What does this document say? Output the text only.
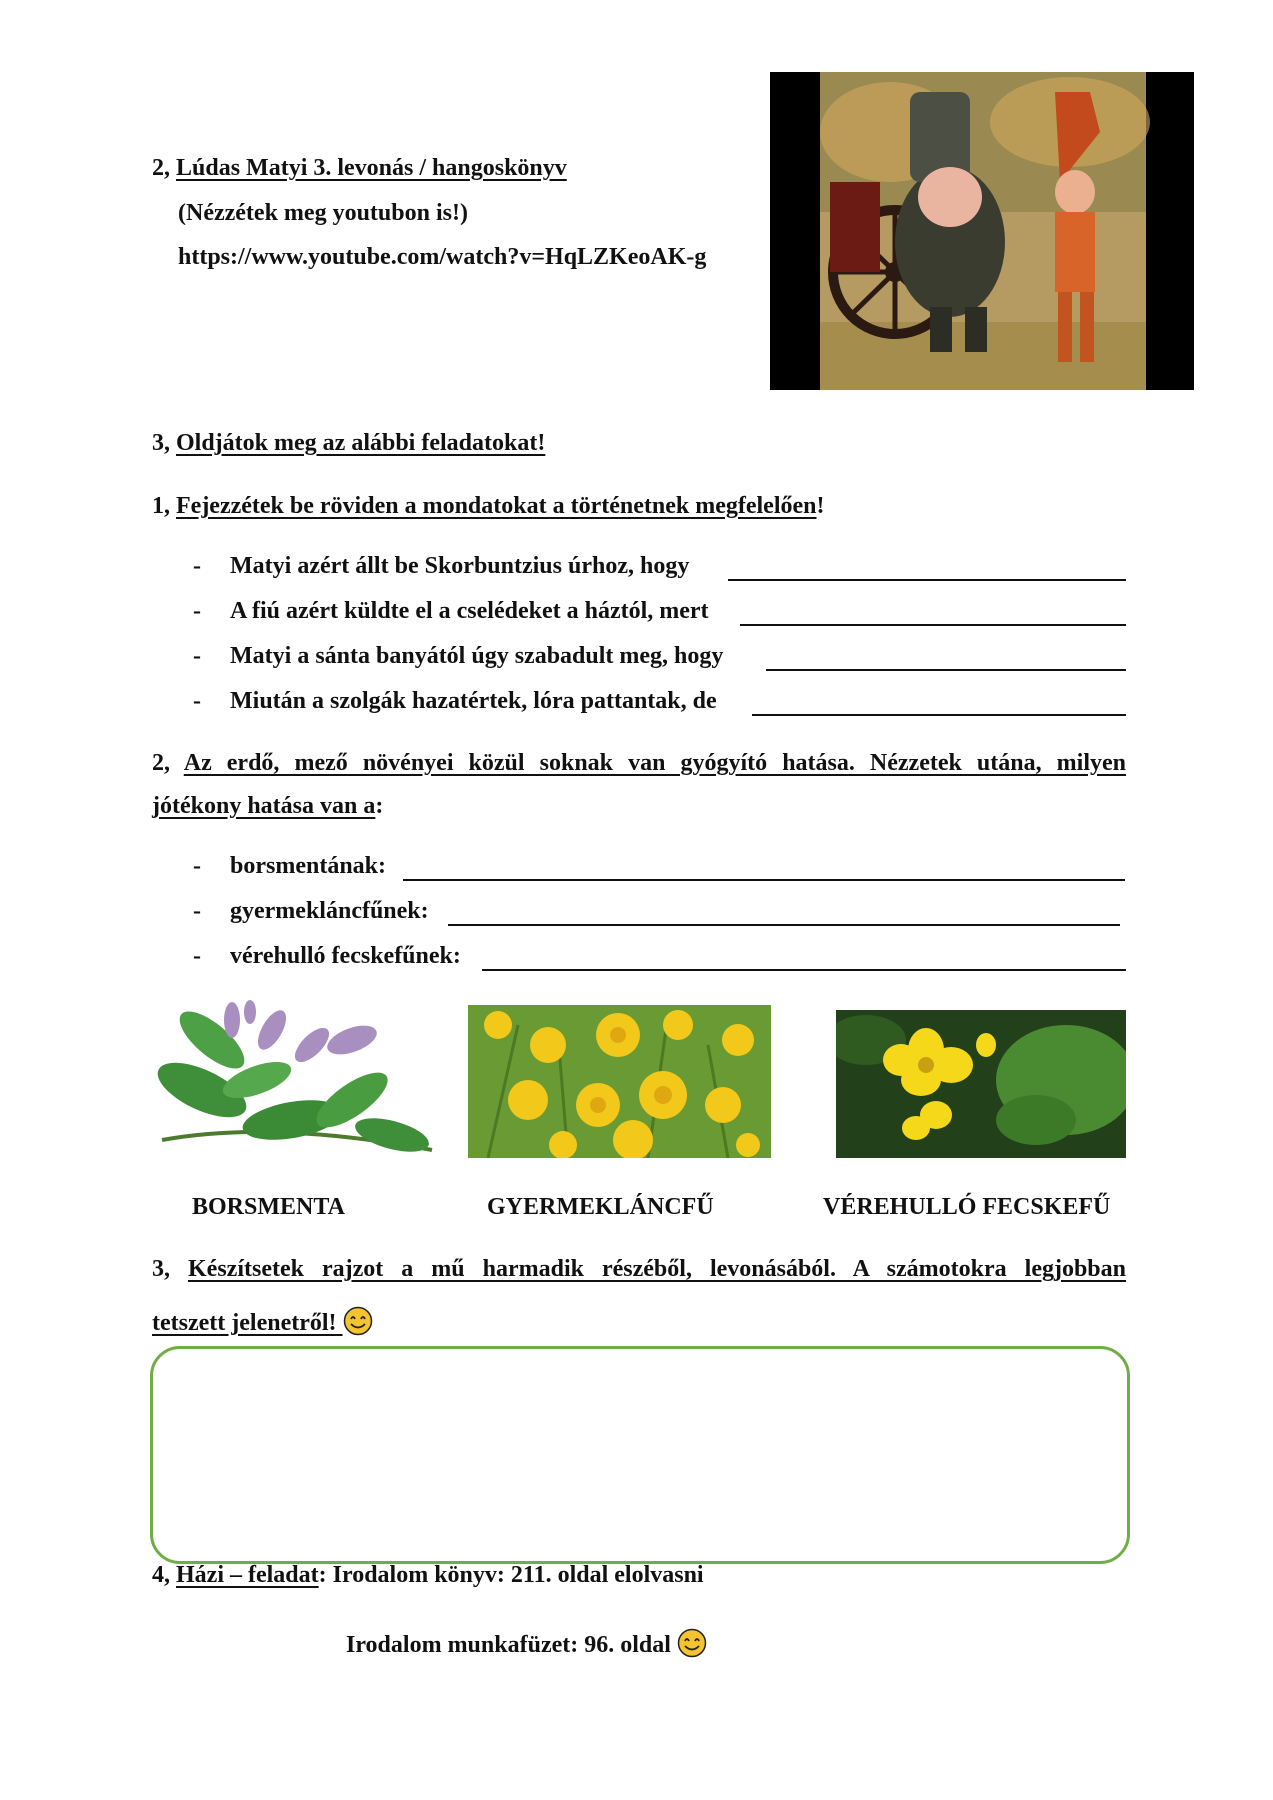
2, Lúdas Matyi 3. levonás / hangoskönyv
(Nézzétek meg youtubon is!)
https://www.youtube.com/watch?v=HqLZKeoAK-g
3, Oldjátok meg az alábbi feladatokat!
1, Fejezzétek be röviden a mondatokat a történetnek megfelelően!
- Matyi azért állt be Skorbuntzius úrhoz, hogy
- A fiú azért küldte el a cselédeket a háztól, mert
- Matyi a sánta banyától úgy szabadult meg, hogy
- Miután a szolgák hazatértek, lóra pattantak, de
2, Az erdő, mező növényei közül soknak van gyógyító hatása. Nézzetek utána, milyen
jótékony hatása van a:
- borsmentának:
- gyermekláncfűnek:
- vérehulló fecskefűnek:
BORSMENTA	GYERMEKLÁNCFŰ	VÉREHULLÓ FECSKEFŰ
3, Készítsetek rajzot a mű harmadik részéből, levonásából. A számotokra legjobban
tetszett jelenetről!
4, Házi – feladat: Irodalom könyv: 211. oldal elolvasni
Irodalom munkafüzet: 96. oldal
